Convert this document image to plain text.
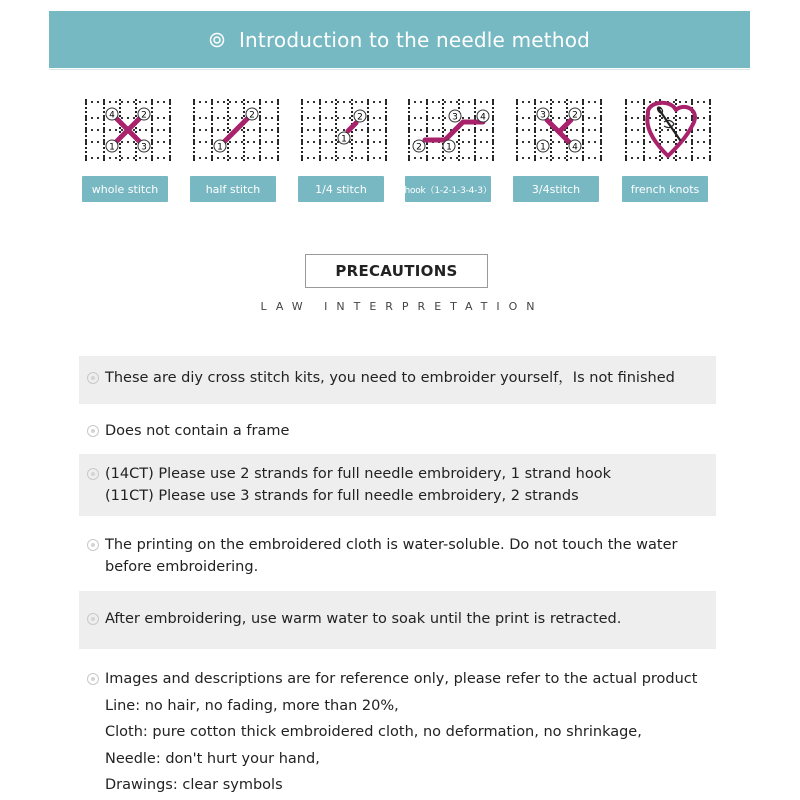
Introduction to the needle method
4	2
1	3
whole stitch
2
1
half stitch
2
1
1/4 stitch
3 4
2	1
hook（1-2-1-3-4-3）
3	2
1	4
3/4stitch	french knots
PRECAUTIONS
LAW INTERPRETATION
These are diy cross stitch kits, you need to embroider yourself，Is not finished
Does not contain a frame
(14CT) Please use 2 strands for full needle embroidery, 1 strand hook
(11CT) Please use 3 strands for full needle embroidery, 2 strands
The printing on the embroidered cloth is water-soluble. Do not touch the water
before embroidering.
After embroidering, use warm water to soak until the print is retracted.
Images and descriptions are for reference only, please refer to the actual product
Line: no hair, no fading, more than 20%,
Cloth: pure cotton thick embroidered cloth, no deformation, no shrinkage,
Needle: don't hurt your hand,
Drawings: clear symbols
